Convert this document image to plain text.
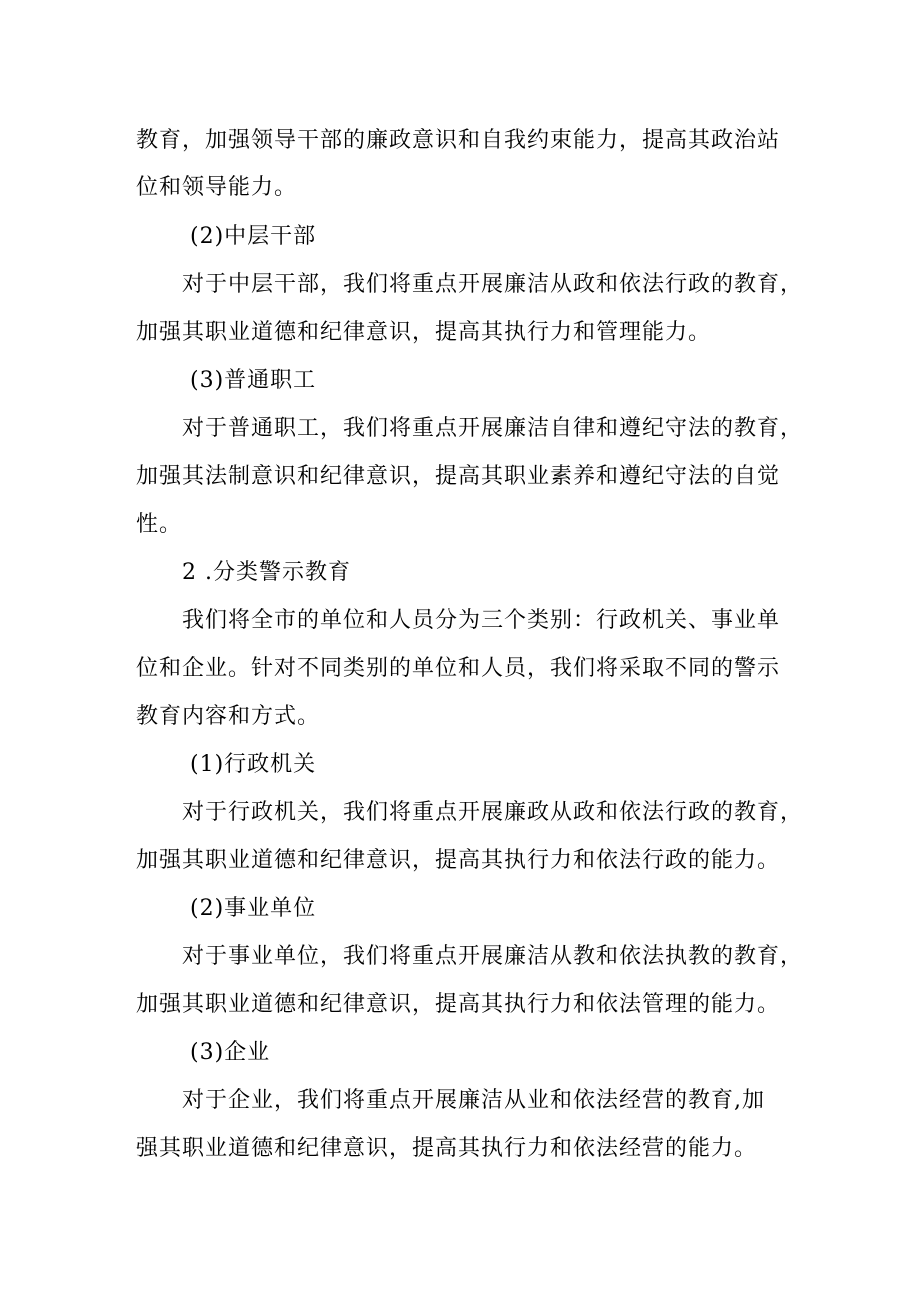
教育，加强领导干部的廉政意识和自我约束能力，提高其政治站
位和领导能力。
(2)中层干部
对于中层干部，我们将重点开展廉洁从政和依法行政的教育，
加强其职业道德和纪律意识，提高其执行力和管理能力。
(3)普通职工
对于普通职工，我们将重点开展廉洁自律和遵纪守法的教育，
加强其法制意识和纪律意识，提高其职业素养和遵纪守法的自觉
性。
2 .分类警示教育
我们将全市的单位和人员分为三个类别：行政机关、事业单
位和企业。针对不同类别的单位和人员，我们将采取不同的警示
教育内容和方式。
(1)行政机关
对于行政机关，我们将重点开展廉政从政和依法行政的教育，
加强其职业道德和纪律意识，提高其执行力和依法行政的能力。
(2)事业单位
对于事业单位，我们将重点开展廉洁从教和依法执教的教育，
加强其职业道德和纪律意识，提高其执行力和依法管理的能力。
(3)企业
对于企业，我们将重点开展廉洁从业和依法经营的教育,加
强其职业道德和纪律意识，提高其执行力和依法经营的能力。
